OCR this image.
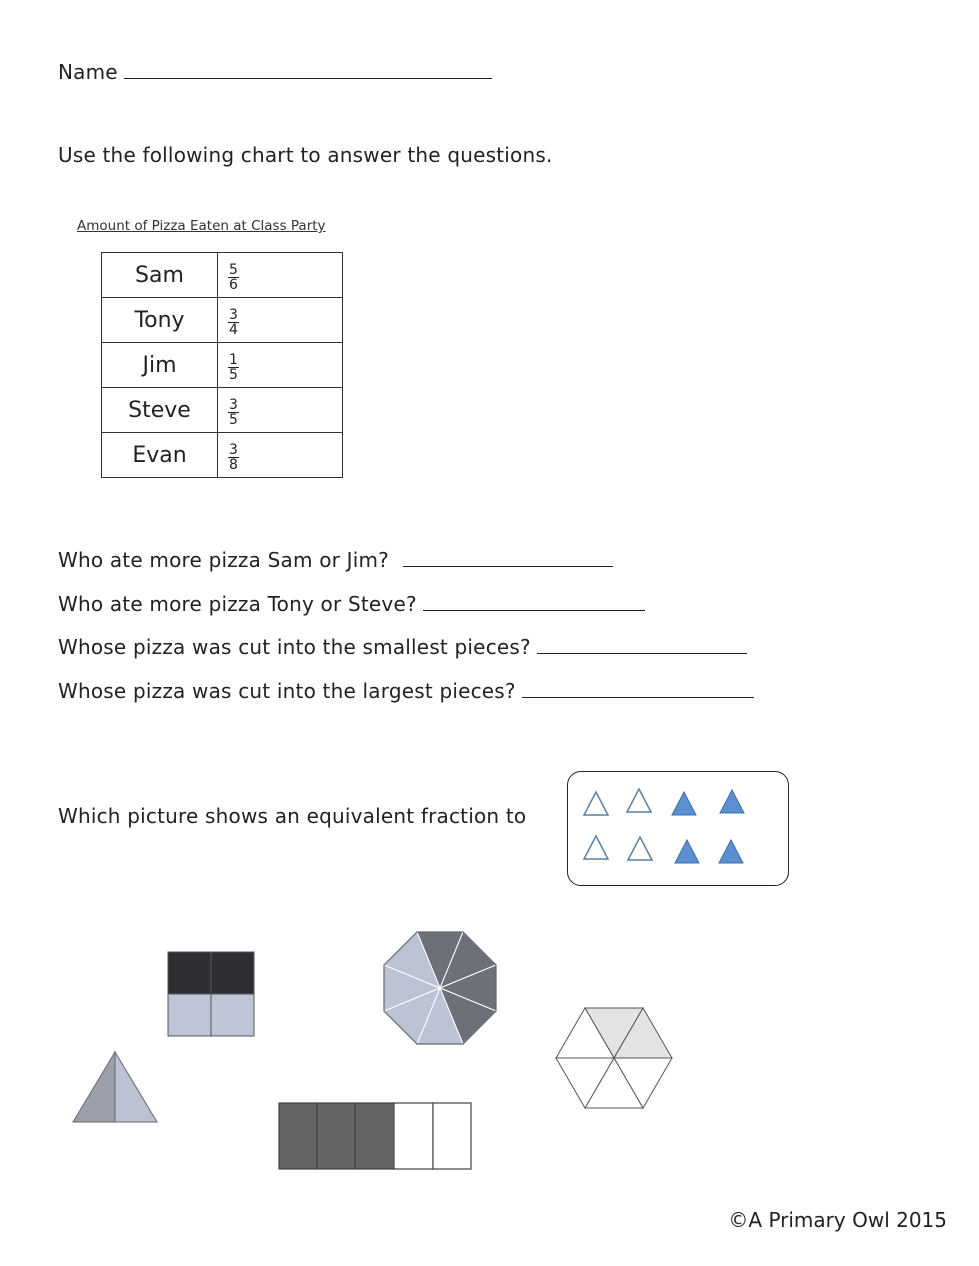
Name
Use the following chart to answer the questions.
Amount of Pizza Eaten at Class Party
Sam	$\frac{5}{6}$

Tony	$\frac{3}{4}$

Jim	$\frac{1}{5}$

Steve	$\frac{3}{5}$

Evan	$\frac{3}{8}$
Who ate more pizza Sam or Jim?
Who ate more pizza Tony or Steve?
Whose pizza was cut into the smallest pieces?
Whose pizza was cut into the largest pieces?
Which picture shows an equivalent fraction to
©A Primary Owl 2015
